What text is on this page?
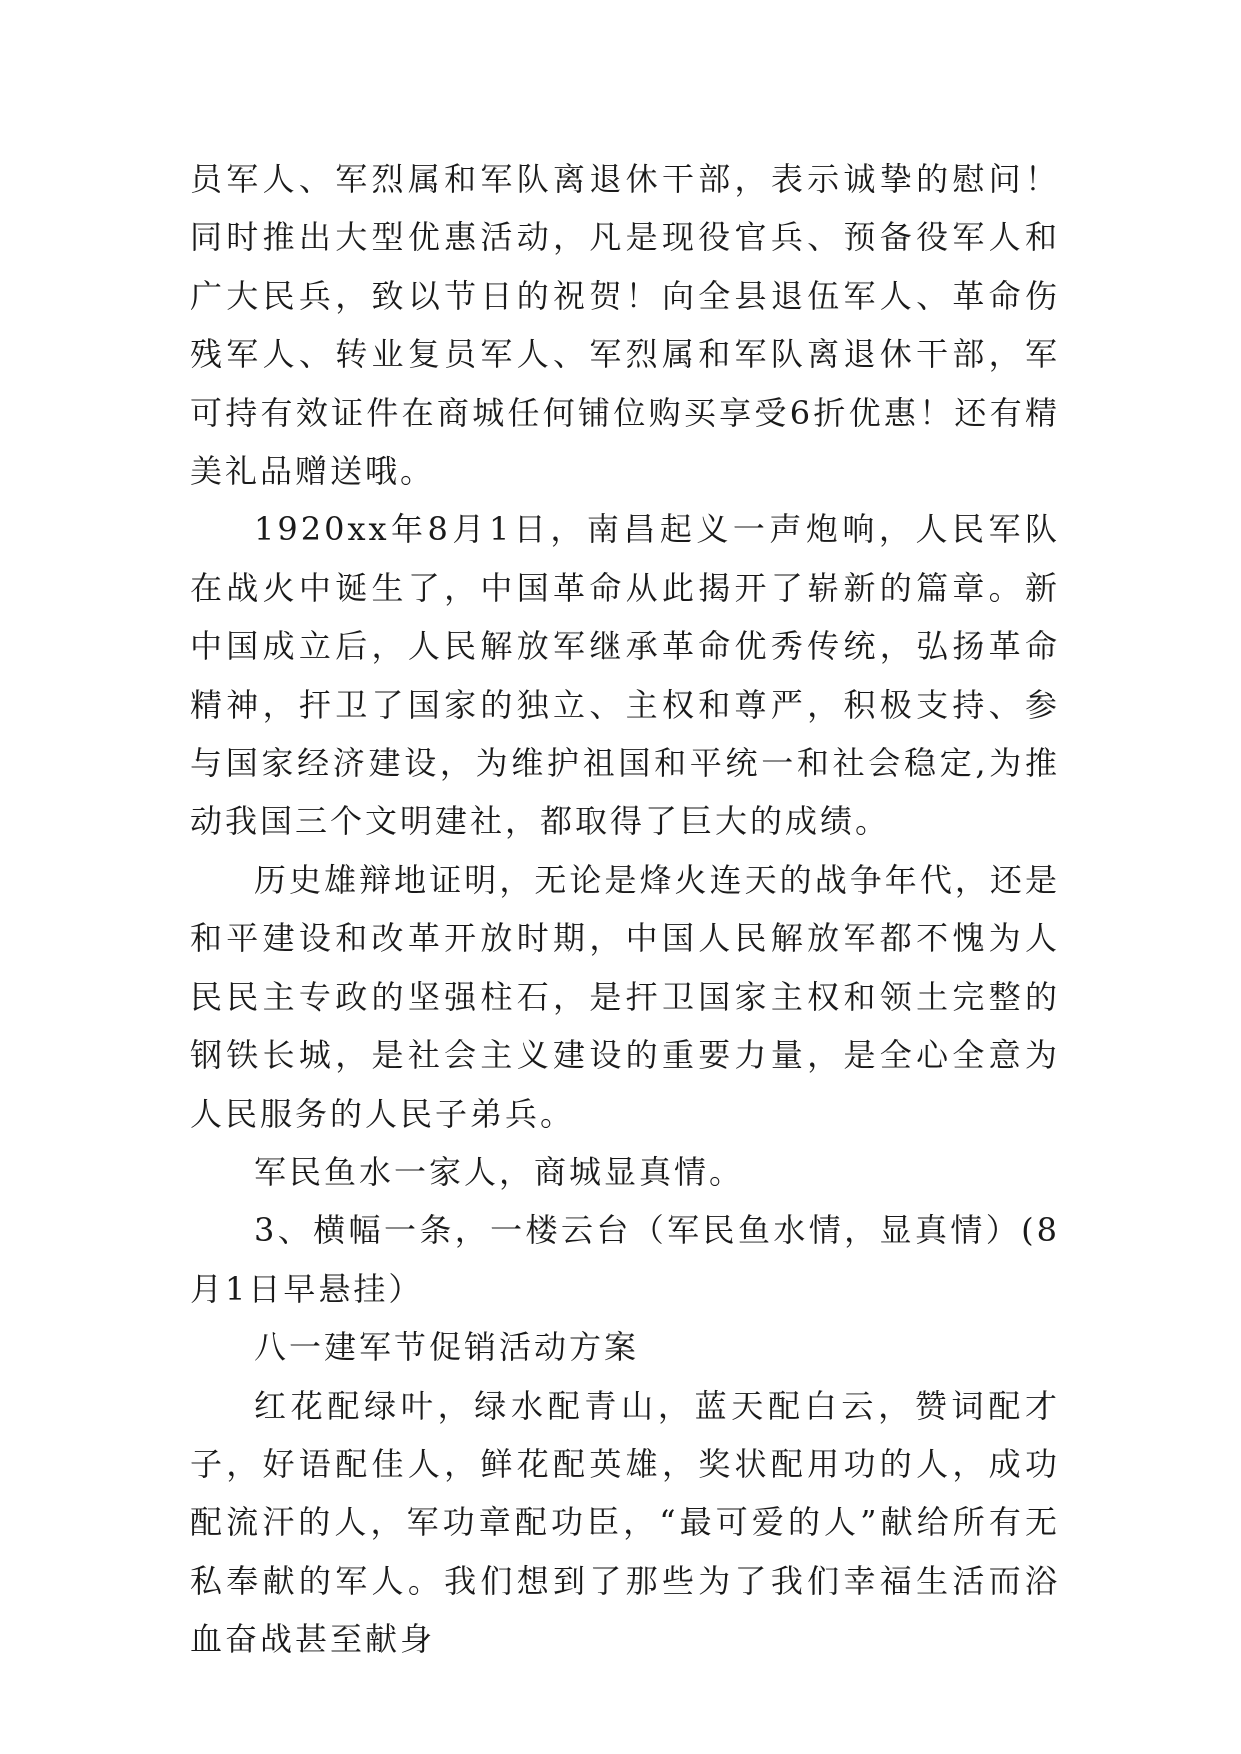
员军人、军烈属和军队离退休干部，表示诚挚的慰问！同时推出大型优惠活动，凡是现役官兵、预备役军人和广大民兵，致以节日的祝贺！向全县退伍军人、革命伤残军人、转业复员军人、军烈属和军队离退休干部，军可持有效证件在商城任何铺位购买享受6折优惠！还有精美礼品赠送哦。

1920xx年8月1日，南昌起义一声炮响，人民军队在战火中诞生了，中国革命从此揭开了崭新的篇章。新中国成立后，人民解放军继承革命优秀传统，弘扬革命精神，扞卫了国家的独立、主权和尊严，积极支持、参与国家经济建设，为维护祖国和平统一和社会稳定,为推动我国三个文明建社，都取得了巨大的成绩。

历史雄辩地证明，无论是烽火连天的战争年代，还是和平建设和改革开放时期，中国人民解放军都不愧为人民民主专政的坚强柱石，是扞卫国家主权和领土完整的钢铁长城，是社会主义建设的重要力量，是全心全意为人民服务的人民子弟兵。

军民鱼水一家人，商城显真情。

3、横幅一条，一楼云台（军民鱼水情，显真情）(8月1日早悬挂）

八一建军节促销活动方案

红花配绿叶，绿水配青山，蓝天配白云，赞词配才子，好语配佳人，鲜花配英雄，奖状配用功的人，成功配流汗的人，军功章配功臣，“最可爱的人”献给所有无私奉献的军人。我们想到了那些为了我们幸福生活而浴血奋战甚至献身
